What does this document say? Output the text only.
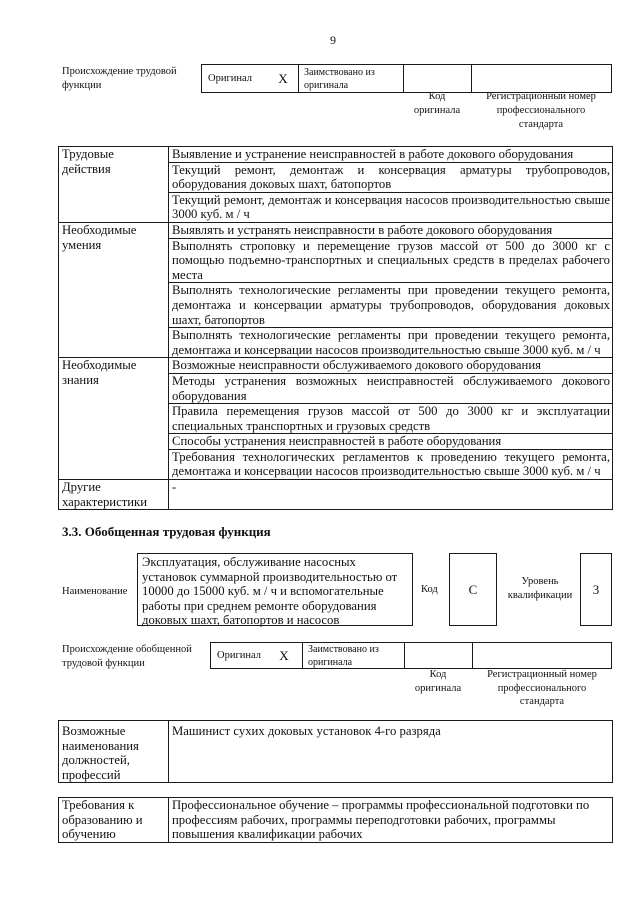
9
Происхождение трудовой функции
Оригинал X	Заимствовано из оригинала
Код оригинала
Регистрационный номер профессионального стандарта
Трудовые действия	Выявление и устранение неисправностей в работе докового оборудования
	Текущий ремонт, демонтаж и консервация арматуры трубопроводов, оборудования доковых шахт, батопортов
	Текущий ремонт, демонтаж и консервация насосов производительностью свыше 3000 куб. м / ч
Необходимые умения	Выявлять и устранять неисправности в работе докового оборудования
	Выполнять строповку и перемещение грузов массой от 500 до 3000 кг с помощью подъемно-транспортных и специальных средств в пределах рабочего места
	Выполнять технологические регламенты при проведении текущего ремонта, демонтажа и консервации арматуры трубопроводов, оборудования доковых шахт, батопортов
	Выполнять технологические регламенты при проведении текущего ремонта, демонтажа и консервации насосов производительностью свыше 3000 куб. м / ч
Необходимые знания	Возможные неисправности обслуживаемого докового оборудования
	Методы устранения возможных неисправностей обслуживаемого докового оборудования
	Правила перемещения грузов массой от 500 до 3000 кг и эксплуатации специальных транспортных и грузовых средств
	Способы устранения неисправностей в работе оборудования
	Требования технологических регламентов к проведению текущего ремонта, демонтажа и консервации насосов производительностью свыше 3000 куб. м / ч
Другие характеристики	-
3.3. Обобщенная трудовая функция
Наименование
Эксплуатация, обслуживание насосных установок суммарной производительностью от 10000 до 15000 куб. м / ч и вспомогательные работы при среднем ремонте оборудования доковых шахт, батопортов и насосов
Код C	Уровень квалификации	3
Происхождение обобщенной трудовой функции
Оригинал X	Заимствовано из оригинала
Код оригинала
Регистрационный номер профессионального стандарта
Возможные наименования должностей, профессий	Машинист сухих доковых установок 4-го разряда
Требования к образованию и обучению	Профессиональное обучение – программы профессиональной подготовки по профессиям рабочих, программы переподготовки рабочих, программы повышения квалификации рабочих
